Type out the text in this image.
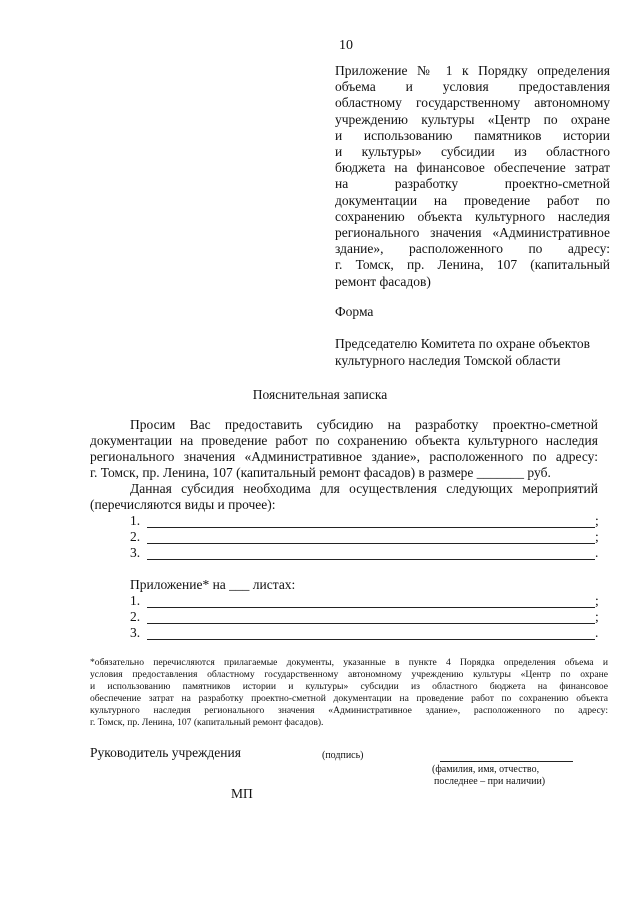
10
Приложение № 1 к Порядку определения
объема и условия предоставления
областному государственному автономному
учреждению культуры «Центр по охране
и использованию памятников истории
и культуры» субсидии из областного
бюджета на финансовое обеспечение затрат
на разработку проектно-сметной
документации на проведение работ по
сохранению объекта культурного наследия
регионального значения «Административное
здание», расположенного по адресу:
г. Томск, пр. Ленина, 107 (капитальный
ремонт фасадов)
Форма
Председателю Комитета по охране объектов
культурного наследия Томской области
Пояснительная записка
Просим Вас предоставить субсидию на разработку проектно-сметной
документации на проведение работ по сохранению объекта культурного наследия
регионального значения «Административное здание», расположенного по адресу:
г. Томск, пр. Ленина, 107 (капитальный ремонт фасадов) в размере _______ руб.
Данная субсидия необходима для осуществления следующих мероприятий
(перечисляются виды и прочее):
1.	;
2.	;
3.	.
Приложение* на ___ листах:
1.	;
2.	;
3.	.
*обязательно перечисляются прилагаемые документы, указанные в пункте 4 Порядка определения объема и
условия предоставления областному государственному автономному учреждению культуры «Центр по охране
и использованию памятников истории и культуры» субсидии из областного бюджета на финансовое
обеспечение затрат на разработку проектно-сметной документации на проведение работ по сохранению объекта
культурного наследия регионального значения «Административное здание», расположенного по адресу:
г. Томск, пр. Ленина, 107 (капитальный ремонт фасадов).
Руководитель учреждения	(подпись)
(фамилия, имя, отчество,
последнее – при наличии)
МП
